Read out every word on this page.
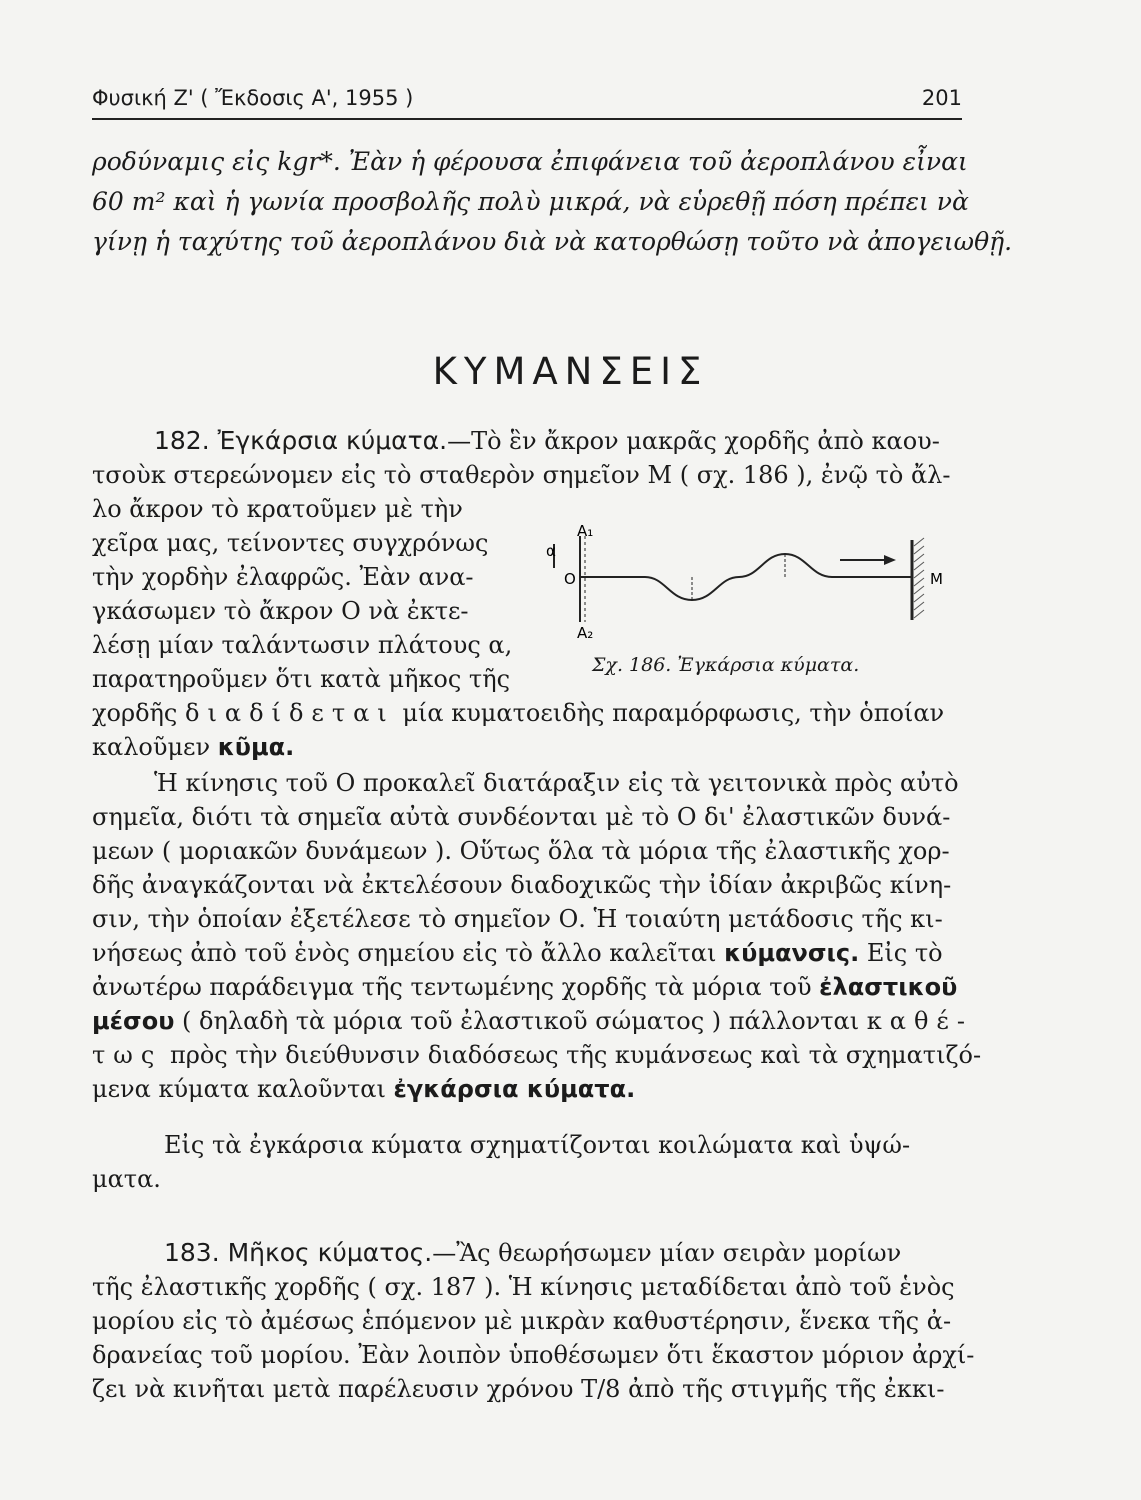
Φυσική Ζ' ( Ἔκδοσις Α', 1955 )	201
ροδύναμις εἰς kgr*. Ἐὰν ἡ φέρουσα ἐπιφάνεια τοῦ ἀεροπλάνου εἶναι
60 m² καὶ ἡ γωνία προσβολῆς πολὺ μικρά, νὰ εὑρεθῇ πόση πρέπει νὰ
γίνῃ ἡ ταχύτης τοῦ ἀεροπλάνου διὰ νὰ κατορθώσῃ τοῦτο νὰ ἀπογειωθῇ.
ΚΥΜΑΝΣΕΙΣ
182. Ἐγκάρσια κύματα.—Τὸ ἓν ἄκρον μακρᾶς χορδῆς ἀπὸ καου-
τσοὺκ στερεώνομεν εἰς τὸ σταθερὸν σημεῖον Μ ( σχ. 186 ), ἐνῷ τὸ ἄλ-
λο ἄκρον τὸ κρατοῦμεν μὲ τὴν
χεῖρα μας, τείνοντες συγχρόνως
τὴν χορδὴν ἐλαφρῶς. Ἐὰν ανα-
γκάσωμεν τὸ ἄκρον Ο νὰ ἐκτε-
λέσῃ μίαν ταλάντωσιν πλάτους α,
παρατηροῦμεν ὅτι κατὰ μῆκος τῆς
χορδῆς διαδίδεται μία κυματοειδὴς παραμόρφωσις, τὴν ὁποίαν
καλοῦμεν κῦμα.
A₁
A₂
O
α
M
Σχ. 186. Ἐγκάρσια κύματα.
Ἡ κίνησις τοῦ Ο προκαλεῖ διατάραξιν εἰς τὰ γειτονικὰ πρὸς αὐτὸ
σημεῖα, διότι τὰ σημεῖα αὐτὰ συνδέονται μὲ τὸ Ο δι' ἐλαστικῶν δυνά-
μεων ( μοριακῶν δυνάμεων ). Οὕτως ὅλα τὰ μόρια τῆς ἐλαστικῆς χορ-
δῆς ἀναγκάζονται νὰ ἐκτελέσουν διαδοχικῶς τὴν ἰδίαν ἀκριβῶς κίνη-
σιν, τὴν ὁποίαν ἐξετέλεσε τὸ σημεῖον Ο. Ἡ τοιαύτη μετάδοσις τῆς κι-
νήσεως ἀπὸ τοῦ ἑνὸς σημείου εἰς τὸ ἄλλο καλεῖται κύμανσις. Εἰς τὸ
ἀνωτέρω παράδειγμα τῆς τεντωμένης χορδῆς τὰ μόρια τοῦ ἐλαστικοῦ
μέσου ( δηλαδὴ τὰ μόρια τοῦ ἐλαστικοῦ σώματος ) πάλλονται καθέ-
τως πρὸς τὴν διεύθυνσιν διαδόσεως τῆς κυμάνσεως καὶ τὰ σχηματιζό-
μενα κύματα καλοῦνται ἐγκάρσια κύματα.
Εἰς τὰ ἐγκάρσια κύματα σχηματίζονται κοιλώματα καὶ ὑψώ-
ματα.
183. Μῆκος κύματος.—Ἂς θεωρήσωμεν μίαν σειρὰν μορίων
τῆς ἐλαστικῆς χορδῆς ( σχ. 187 ). Ἡ κίνησις μεταδίδεται ἀπὸ τοῦ ἑνὸς
μορίου εἰς τὸ ἀμέσως ἑπόμενον μὲ μικρὰν καθυστέρησιν, ἕνεκα τῆς ἀ-
δρανείας τοῦ μορίου. Ἐὰν λοιπὸν ὑποθέσωμεν ὅτι ἕκαστον μόριον ἀρχί-
ζει νὰ κινῆται μετὰ παρέλευσιν χρόνου T/8 ἀπὸ τῆς στιγμῆς τῆς ἐκκι-
